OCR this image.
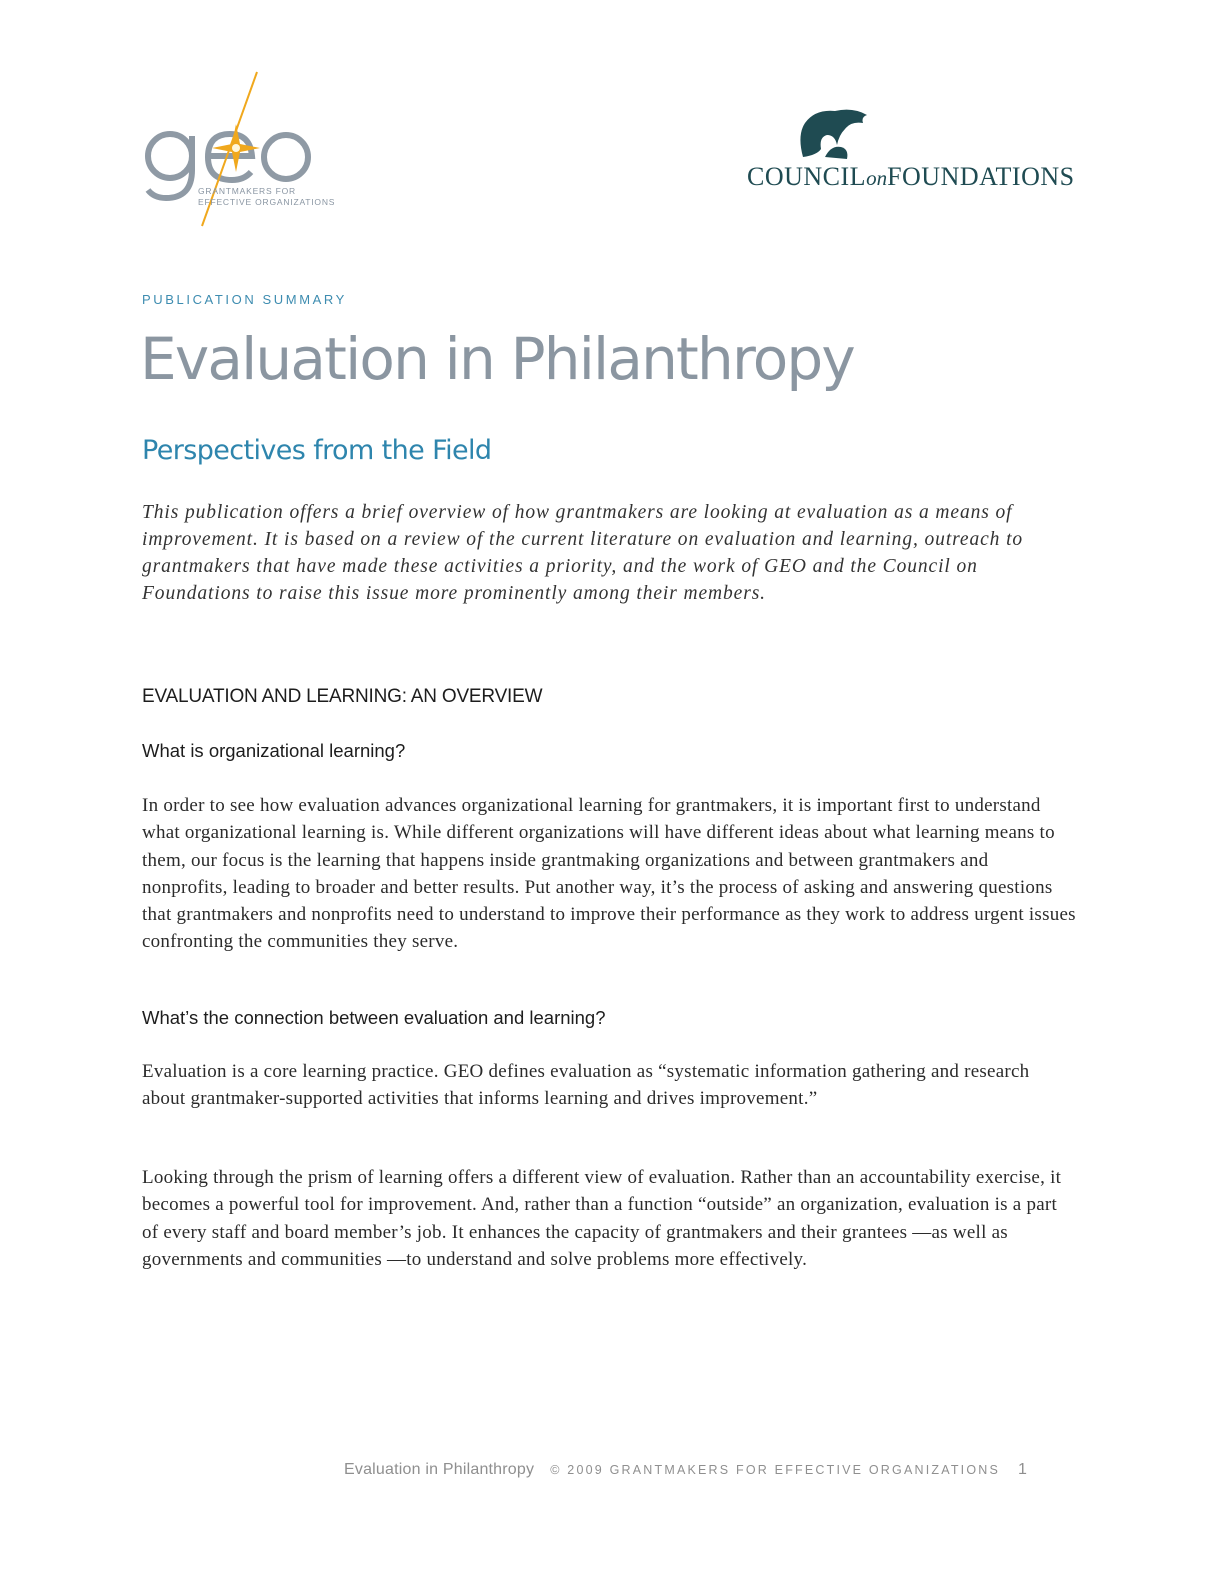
GRANTMAKERS FOR
EFFECTIVE ORGANIZATIONS
COUNCILonFOUNDATIONS
PUBLICATION SUMMARY
Evaluation in Philanthropy
Perspectives from the Field

This publication offers a brief overview of how grantmakers are looking at evaluation as a means of improvement. It is based on a review of the current literature on evaluation and learning, outreach to grantmakers that have made these activities a priority, and the work of GEO and the Council on Foundations to raise this issue more prominently among their members.

EVALUATION AND LEARNING: AN OVERVIEW
What is organizational learning?

In order to see how evaluation advances organizational learning for grantmakers, it is important first to understand what organizational learning is. While different organizations will have different ideas about what learning means to them, our focus is the learning that happens inside grantmaking organizations and between grantmakers and nonprofits, leading to broader and better results. Put another way, it’s the process of asking and answering questions that grantmakers and nonprofits need to understand to improve their performance as they work to address urgent issues confronting the communities they serve.

What’s the connection between evaluation and learning?

Evaluation is a core learning practice. GEO defines evaluation as “systematic information gathering and research about grantmaker-supported activities that informs learning and drives improvement.”

Looking through the prism of learning offers a different view of evaluation. Rather than an accountability exercise, it becomes a powerful tool for improvement. And, rather than a function “outside” an organization, evaluation is a part of every staff and board member’s job. It enhances the capacity of grantmakers and their grantees —as well as governments and communities —to understand and solve problems more effectively.

Evaluation in Philanthropy © 2009 GRANTMAKERS FOR EFFECTIVE ORGANIZATIONS 1
